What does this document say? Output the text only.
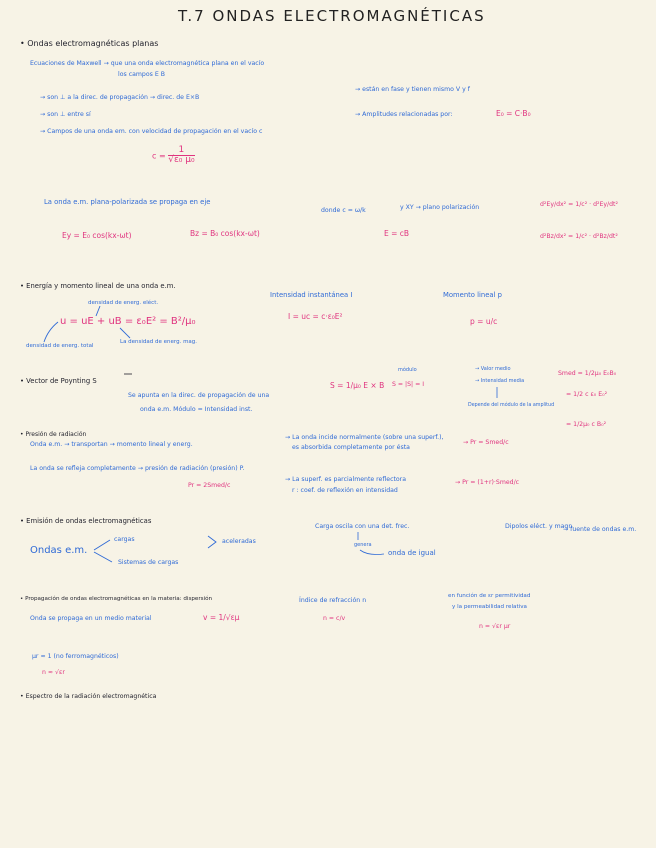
T.7 ONDAS ELECTROMAGNÉTICAS
• Ondas electromagnéticas planas
Ecuaciones de Maxwell → que una onda electromagnética plana en el vacío
los campos E B
→ son ⊥ a la direc. de propagación → direc. de E×B
→ son ⊥ entre sí
→ Campos de una onda em. con velocidad de propagación en el vacío c
→ están en fase y tienen mismo V y f
→ Amplitudes relacionadas por:	E₀ = C·B₀
$c = \frac{1}{\text{√ε₀ μ₀}}$
La onda e.m. plana-polarizada se propaga en eje
Ey = E₀ cos(kx-ωt)	Bz = B₀ cos(kx-ωt)
donde c = ω/k	y XY → plano polarización
E = cB
d²Ey/dx² = 1/c² · d²Ey/dt²
d²Bz/dx² = 1/c² · d²Bz/dt²
• Energía y momento lineal de una onda e.m.
densidad de energ. eléct.
u = uE + uB = ε₀E² = B²/μ₀
densidad de energ. total
La densidad de energ. mag.
Intensidad instantánea I
I = uc = c·ε₀E²
Momento lineal p
p = u/c
• Vector de Poynting S
Se apunta en la direc. de propagación de una
onda e.m. Módulo = Intensidad inst.
S = 1/μ₀ E × B
módulo
S = |S| = I
→ Valor medio
→ Intensidad media
Depende del módulo de la amplitud
Smed = 1/2μ₀ E₀B₀
= 1/2 c ε₀ E₀²
= 1/2μ₀ c B₀²
• Presión de radiación
Onda e.m. → transportan → momento lineal y energ.
→ La onda incide normalmente (sobre una superf.),
es absorbida completamente por ésta
→ Pr = Smed/c
La onda se refleja completamente → presión de radiación (presión) P.
Pr = 2Smed/c
→ La superf. es parcialmente reflectora
r : coef. de reflexión en intensidad
→ Pr = (1+r)·Smed/c
• Emisión de ondas electromagnéticas
Ondas e.m.
cargas
Sistemas de cargas
aceleradas
Carga oscila con una det. frec.
genera
onda de igual
Dipolos eléct. y magn.
→ fuente de ondas e.m.
• Propagación de ondas electromagnéticas en la materia: dispersión
Onda se propaga en un medio material	v = 1/√εμ
Índice de refracción n
n = c/v
en función de εr permitividad
y la permeabilidad relativa
n = √εr μr
μr ≈ 1 (no ferromagnéticos)
n ≈ √εr
• Espectro de la radiación electromagnética
